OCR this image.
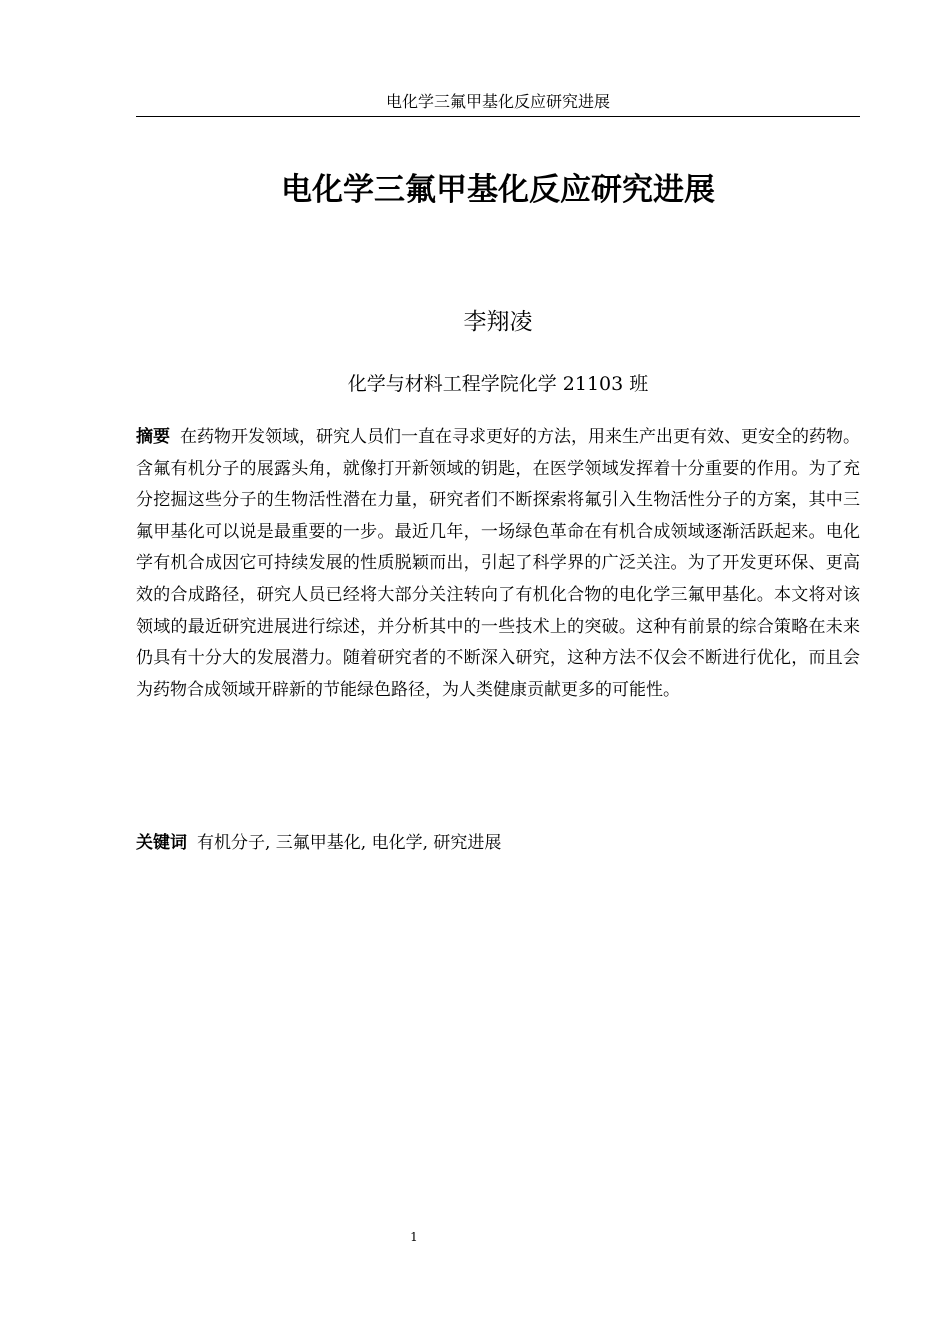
电化学三氟甲基化反应研究进展
电化学三氟甲基化反应研究进展
李翔凌
化学与材料工程学院化学 21103 班

摘要 在药物开发领域，研究人员们一直在寻求更好的方法，用来生产出更有效、更安全的药物。含氟有机分子的展露头角，就像打开新领域的钥匙，在医学领域发挥着十分重要的作用。为了充分挖掘这些分子的生物活性潜在力量，研究者们不断探索将氟引入生物活性分子的方案，其中三氟甲基化可以说是最重要的一步。最近几年，一场绿色革命在有机合成领域逐渐活跃起来。电化学有机合成因它可持续发展的性质脱颖而出，引起了科学界的广泛关注。为了开发更环保、更高效的合成路径，研究人员已经将大部分关注转向了有机化合物的电化学三氟甲基化。本文将对该领域的最近研究进展进行综述，并分析其中的一些技术上的突破。这种有前景的综合策略在未来仍具有十分大的发展潜力。随着研究者的不断深入研究，这种方法不仅会不断进行优化，而且会为药物合成领域开辟新的节能绿色路径，为人类健康贡献更多的可能性。

关键词 有机分子, 三氟甲基化, 电化学, 研究进展

1
